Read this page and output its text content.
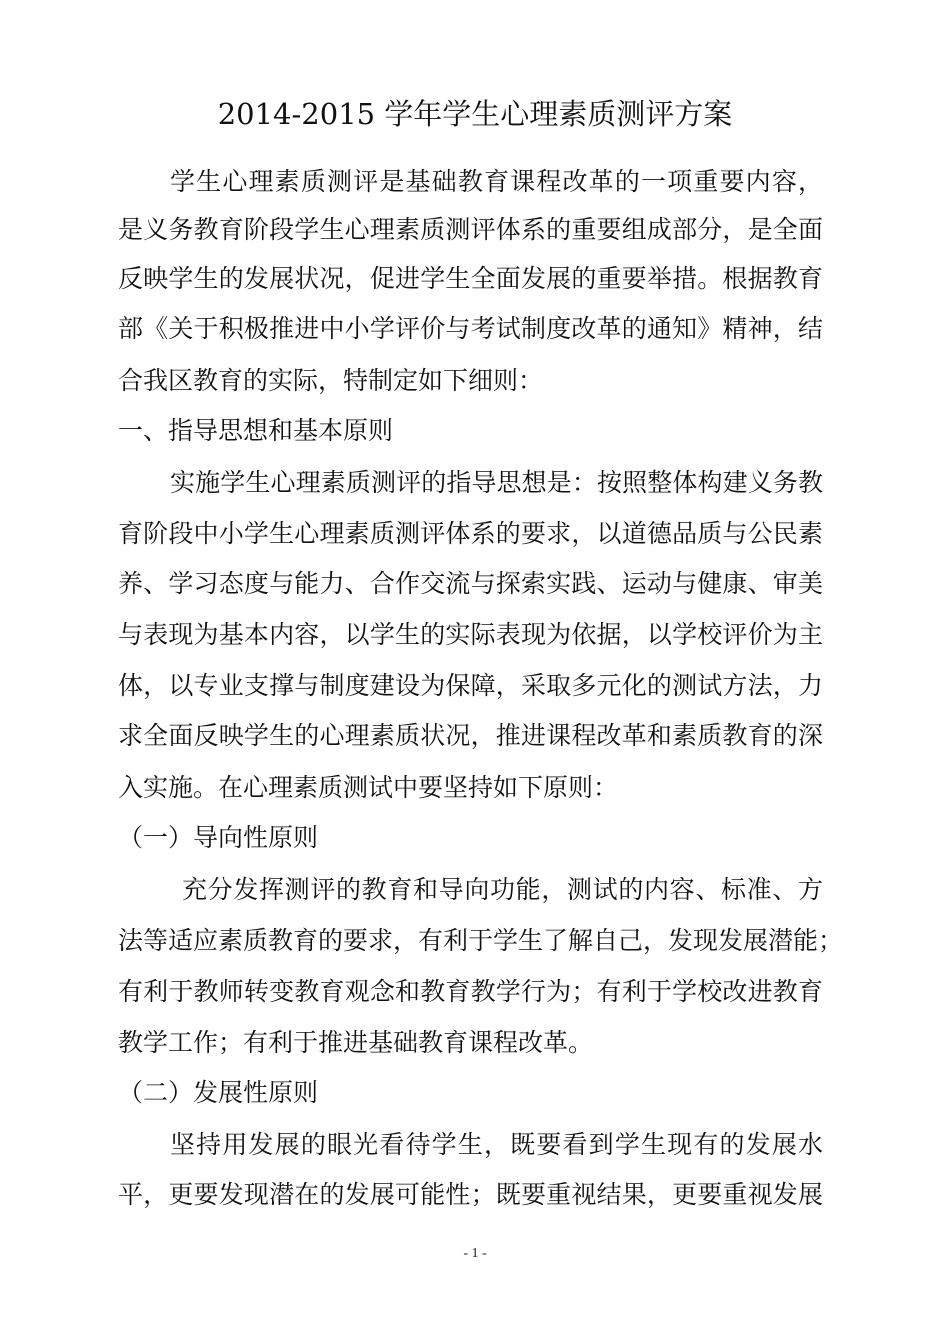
2014-2015 学年学生心理素质测评方案
学生心理素质测评是基础教育课程改革的一项重要内容，
是义务教育阶段学生心理素质测评体系的重要组成部分，是全面
反映学生的发展状况，促进学生全面发展的重要举措。根据教育
部《关于积极推进中小学评价与考试制度改革的通知》精神，结
合我区教育的实际，特制定如下细则：
一、指导思想和基本原则
实施学生心理素质测评的指导思想是：按照整体构建义务教
育阶段中小学生心理素质测评体系的要求，以道德品质与公民素
养、学习态度与能力、合作交流与探索实践、运动与健康、审美
与表现为基本内容，以学生的实际表现为依据，以学校评价为主
体，以专业支撑与制度建设为保障，采取多元化的测试方法，力
求全面反映学生的心理素质状况，推进课程改革和素质教育的深
入实施。在心理素质测试中要坚持如下原则：
（一）导向性原则
充分发挥测评的教育和导向功能，测试的内容、标准、方
法等适应素质教育的要求，有利于学生了解自己，发现发展潜能；
有利于教师转变教育观念和教育教学行为；有利于学校改进教育
教学工作；有利于推进基础教育课程改革。
（二）发展性原则
坚持用发展的眼光看待学生，既要看到学生现有的发展水
平，更要发现潜在的发展可能性；既要重视结果，更要重视发展
- 1 -
